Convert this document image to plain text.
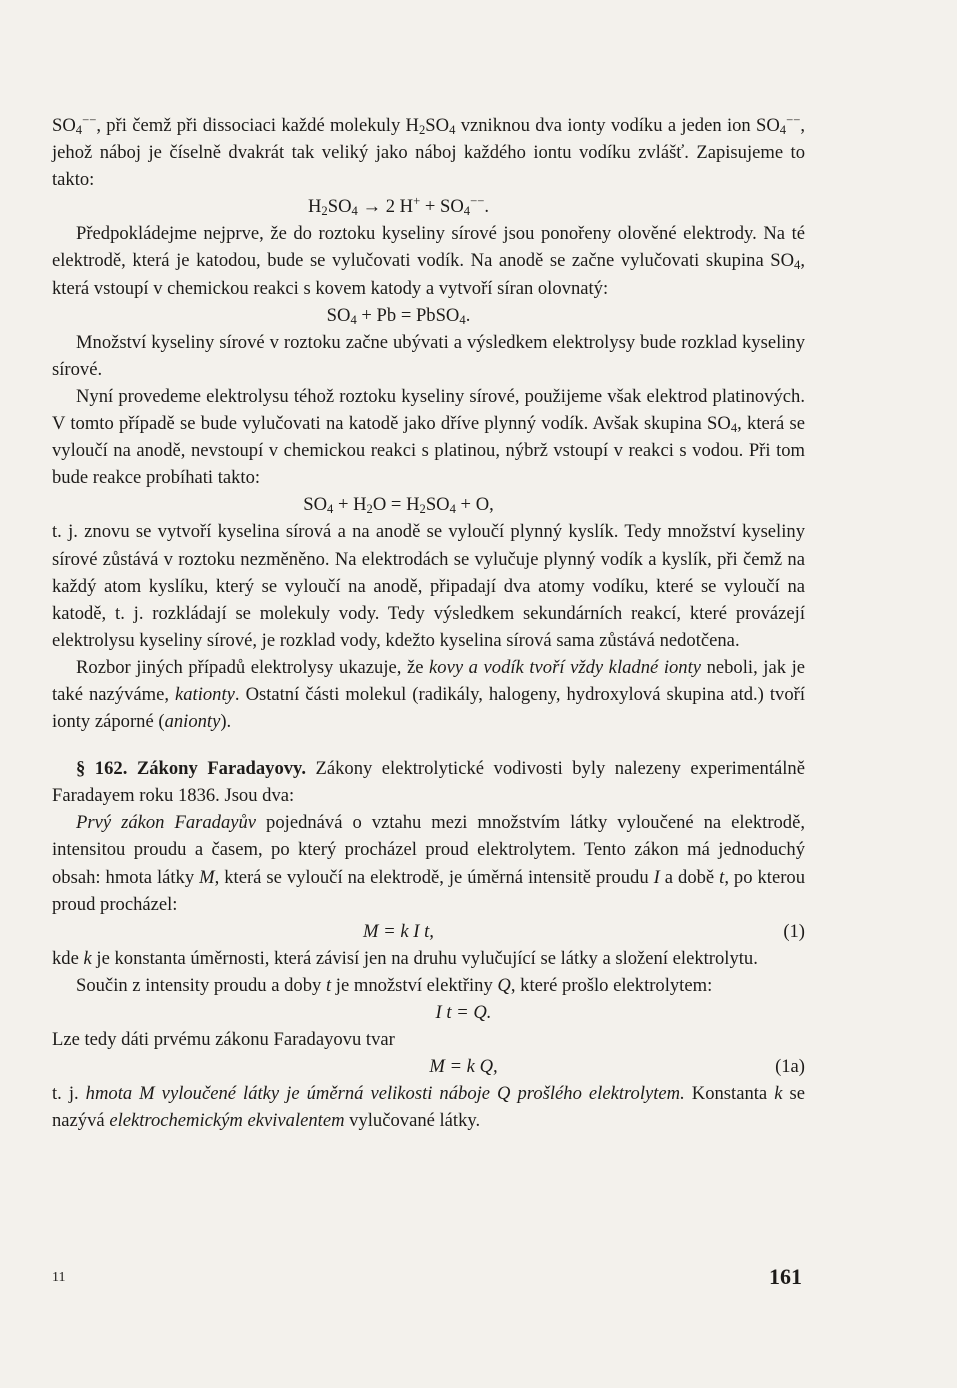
$SO_4^{--}$, při čemž při dissociaci každé molekuly $H_2SO_4$ vzniknou dva ionty vodíku a jeden ion $SO_4^{--}$, jehož náboj je číselně dvakrát tak veliký jako náboj každého iontu vodíku zvlášť. Zapisujeme to takto:

$H_2SO_4 \to 2$ $H^+ + SO_4^{--}$.

Předpokládejme nejprve, že do roztoku kyseliny sírové jsou ponořeny olověné elektrody. Na té elektrodě, která je katodou, bude se vylučovati vodík. Na anodě se začne vylučovati skupina $SO_4$, která vstoupí v chemickou reakci s kovem katody a vytvoří síran olovnatý:

$SO_4 + Pb$ = PbSO$_4$.

Množství kyseliny sírové v roztoku začne ubývati a výsledkem elektrolysy bude rozklad kyseliny sírové.

Nyní provedeme elektrolysu téhož roztoku kyseliny sírové, použijeme však elektrod platinových. V tomto případě se bude vylučovati na katodě jako dříve plynný vodík. Avšak skupina $SO_4$, která se vyloučí na anodě, nevstoupí v chemickou reakci s platinou, nýbrž vstoupí v reakci s vodou. Při tom bude reakce probíhati takto:

$SO_4 + H_2O = H_2SO_4 + O$,

t. j. znovu se vytvoří kyselina sírová a na anodě se vyloučí plynný kyslík. Tedy množství kyseliny sírové zůstává v roztoku nezměněno. Na elektrodách se vylučuje plynný vodík a kyslík, při čemž na každý atom kyslíku, který se vyloučí na anodě, připadají dva atomy vodíku, které se vyloučí na katodě, t. j. rozkládají se molekuly vody. Tedy výsledkem sekundárních reakcí, které provázejí elektrolysu kyseliny sírové, je rozklad vody, kdežto kyselina sírová sama zůstává nedotčena.

Rozbor jiných případů elektrolysy ukazuje, že kovy a vodík tvoří vždy kladné ionty neboli, jak je také nazýváme, kationty. Ostatní části molekul (radikály, halogeny, hydroxylová skupina atd.) tvoří ionty záporné (anionty).

§ 162. Zákony Faradayovy. Zákony elektrolytické vodivosti byly nalezeny experimentálně Faradayem roku 1836. Jsou dva:

Prvý zákon Faradayův pojednává o vztahu mezi množstvím látky vyloučené na elektrodě, intensitou proudu a časem, po který procházel proud elektrolytem. Tento zákon má jednoduchý obsah: hmota látky M, která se vyloučí na elektrodě, je úměrná intensitě proudu I a době t, po kterou proud procházel:

M = k I t,	(1)

kde k je konstanta úměrnosti, která závisí jen na druhu vylučující se látky a složení elektrolytu.

Součin z intensity proudu a doby t je množství elektřiny Q, které prošlo elektrolytem:

I t = Q.

Lze tedy dáti prvému zákonu Faradayovu tvar

M = k Q,	(1a)

t. j. hmota M vyloučené látky je úměrná velikosti náboje Q prošlého elektrolytem. Konstanta k se nazývá elektrochemickým ekvivalentem vylučované látky.

11	161
